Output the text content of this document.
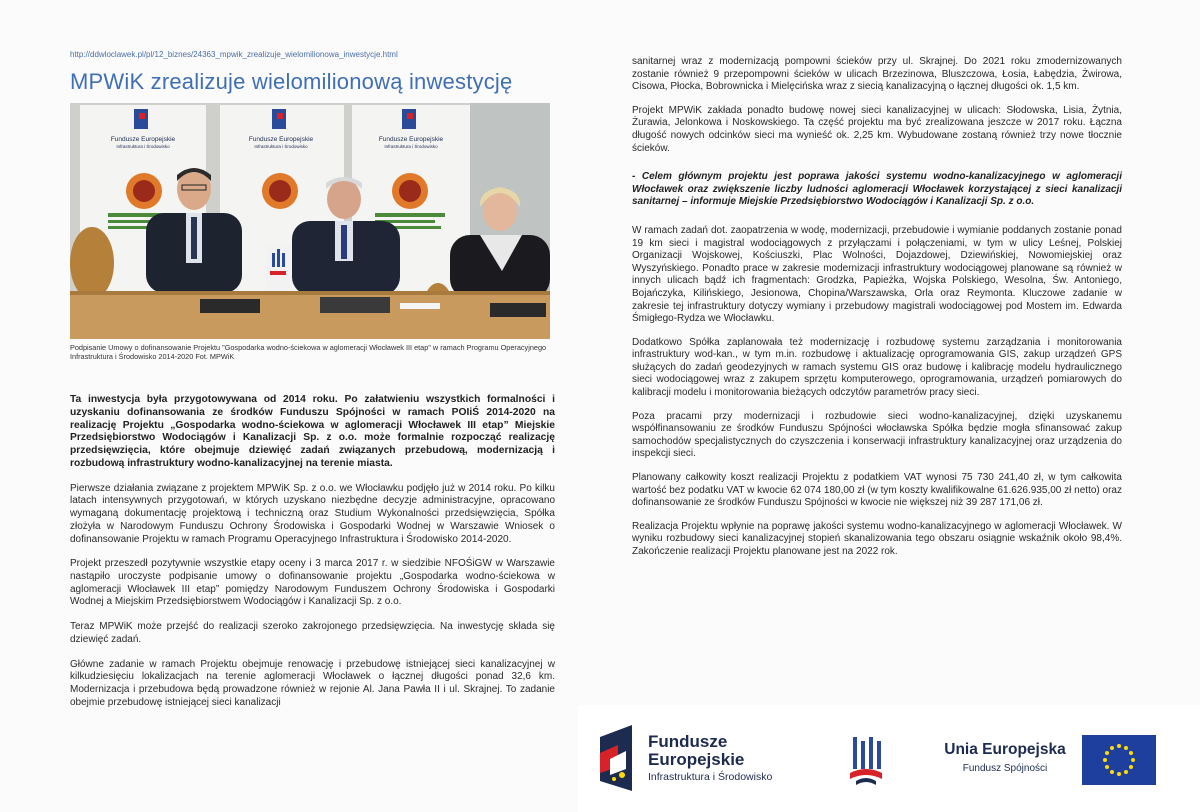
http://ddwloclawek.pl/pl/12_biznes/24363_mpwik_zrealizuje_wielomilionowa_inwestycje.html
MPWiK zrealizuje wielomilionową inwestycję
Fundusze Europejskie
Infrastruktura i Środowisko
Fundusze Europejskie
Infrastruktura i Środowisko
Fundusze Europejskie
Infrastruktura i Środowisko
Podpisanie Umowy o dofinansowanie Projektu "Gospodarka wodno-ściekowa w aglomeracji Włocławek III etap" w ramach Programu Operacyjnego Infrastruktura i Środowisko 2014-2020 Fot. MPWiK

Ta inwestycja była przygotowywana od 2014 roku. Po załatwieniu wszystkich formalności i uzyskaniu dofinansowania ze środków Funduszu Spójności w ramach POIiŚ 2014-2020 na realizację Projektu „Gospodarka wodno-ściekowa w aglomeracji Włocławek III etap” Miejskie Przedsiębiorstwo Wodociągów i Kanalizacji Sp. z o.o. może formalnie rozpocząć realizację przedsięwzięcia, które obejmuje dziewięć zadań związanych przebudową, modernizacją i rozbudową infrastruktury wodno-kanalizacyjnej na terenie miasta.

Pierwsze działania związane z projektem MPWiK Sp. z o.o. we Włocławku podjęło już w 2014 roku. Po kilku latach intensywnych przygotowań, w których uzyskano niezbędne decyzje administracyjne, opracowano wymaganą dokumentację projektową i techniczną oraz Studium Wykonalności przedsięwzięcia, Spółka złożyła w Narodowym Funduszu Ochrony Środowiska i Gospodarki Wodnej w Warszawie Wniosek o dofinansowanie Projektu w ramach Programu Operacyjnego Infrastruktura i Środowisko 2014-2020.

Projekt przeszedł pozytywnie wszystkie etapy oceny i 3 marca 2017 r. w siedzibie NFOŚiGW w Warszawie nastąpiło uroczyste podpisanie umowy o dofinansowanie projektu „Gospodarka wodno-ściekowa w aglomeracji Włocławek III etap” pomiędzy Narodowym Funduszem Ochrony Środowiska i Gospodarki Wodnej a Miejskim Przedsiębiorstwem Wodociągów i Kanalizacji Sp. z o.o.

Teraz MPWiK może przejść do realizacji szeroko zakrojonego przedsięwzięcia. Na inwestycję składa się dziewięć zadań.

Główne zadanie w ramach Projektu obejmuje renowację i przebudowę istniejącej sieci kanalizacyjnej w kilkudziesięciu lokalizacjach na terenie aglomeracji Włocławek o łącznej długości ponad 32,6 km. Modernizacja i przebudowa będą prowadzone również w rejonie Al. Jana Pawła II i ul. Skrajnej. To zadanie obejmie przebudowę istniejącej sieci kanalizacji

sanitarnej wraz z modernizacją pompowni ścieków przy ul. Skrajnej. Do 2021 roku zmodernizowanych zostanie również 9 przepompowni ścieków w ulicach Brzezinowa, Bluszczowa, Łosia, Łabędzia, Żwirowa, Cisowa, Płocka, Bobrownicka i Mielęcińska wraz z siecią kanalizacyjną o łącznej długości ok. 1,5 km.

Projekt MPWiK zakłada ponadto budowę nowej sieci kanalizacyjnej w ulicach: Słodowska, Lisia, Żytnia, Żurawia, Jelonkowa i Noskowskiego. Ta część projektu ma być zrealizowana jeszcze w 2017 roku. Łączna długość nowych odcinków sieci ma wynieść ok. 2,25 km. Wybudowane zostaną również trzy nowe tłocznie ścieków.

- Celem głównym projektu jest poprawa jakości systemu wodno-kanalizacyjnego w aglomeracji Włocławek oraz zwiększenie liczby ludności aglomeracji Włocławek korzystającej z sieci kanalizacji sanitarnej – informuje Miejskie Przedsiębiorstwo Wodociągów i Kanalizacji Sp. z o.o.

W ramach zadań dot. zaopatrzenia w wodę, modernizacji, przebudowie i wymianie poddanych zostanie ponad 19 km sieci i magistral wodociągowych z przyłączami i połączeniami, w tym w ulicy Leśnej, Polskiej Organizacji Wojskowej, Kościuszki, Plac Wolności, Dojazdowej, Dziewińskiej, Nowomiejskiej oraz Wyszyńskiego. Ponadto prace w zakresie modernizacji infrastruktury wodociągowej planowane są również w innych ulicach bądź ich fragmentach: Grodzka, Papieżka, Wojska Polskiego, Wesolna, Św. Antoniego, Bojańczyka, Kilińskiego, Jesionowa, Chopina/Warszawska, Orla oraz Reymonta. Kluczowe zadanie w zakresie tej infrastruktury dotyczy wymiany i przebudowy magistrali wodociągowej pod Mostem im. Edwarda Śmigłego-Rydza we Włocławku.

Dodatkowo Spółka zaplanowała też modernizację i rozbudowę systemu zarządzania i monitorowania infrastruktury wod-kan., w tym m.in. rozbudowę i aktualizację oprogramowania GIS, zakup urządzeń GPS służących do zadań geodezyjnych w ramach systemu GIS oraz budowę i kalibrację modelu hydraulicznego sieci wodociągowej wraz z zakupem sprzętu komputerowego, oprogramowania, urządzeń pomiarowych do kalibracji modelu i monitorowania bieżących odczytów parametrów pracy sieci.

Poza pracami przy modernizacji i rozbudowie sieci wodno-kanalizacyjnej, dzięki uzyskanemu współfinansowaniu ze środków Funduszu Spójności włocławska Spółka będzie mogła sfinansować zakup samochodów specjalistycznych do czyszczenia i konserwacji infrastruktury kanalizacyjnej oraz urządzenia do inspekcji sieci.

Planowany całkowity koszt realizacji Projektu z podatkiem VAT wynosi 75 730 241,40 zł, w tym całkowita wartość bez podatku VAT w kwocie 62 074 180,00 zł (w tym koszty kwalifikowalne 61.626.935,00 zł netto) oraz dofinansowanie ze środków Funduszu Spójności w kwocie nie większej niż 39 287 171,06 zł.

Realizacja Projektu wpłynie na poprawę jakości systemu wodno-kanalizacyjnego w aglomeracji Włocławek. W wyniku rozbudowy sieci kanalizacyjnej stopień skanalizowania tego obszaru osiągnie wskaźnik około 98,4%. Zakończenie realizacji Projektu planowane jest na 2022 rok.

Fundusze
Europejskie
Infrastruktura i Środowisko
Unia Europejska
Fundusz Spójności
